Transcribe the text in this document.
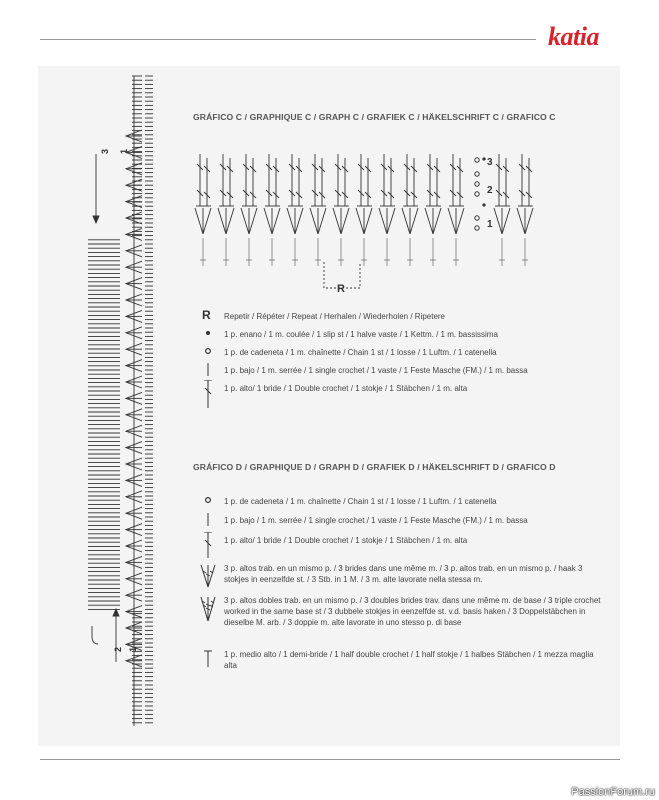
katia
3 1
2 1
GRÁFICO C / GRAPHIQUE C / GRAPH C / GRAFIEK C / HÄKELSCHRIFT C / GRAFICO C
R
3
2
1
R Repetir / Répéter / Repeat / Herhalen / Wiederholen / Ripetere
1 p. enano / 1 m. coulée / 1 slip st / 1 halve vaste / 1 Kettm. / 1 m. bassissima
1 p. de cadeneta / 1 m. chaînette / Chain 1 st / 1 losse / 1 Luftm. / 1 catenella
1 p. bajo / 1 m. serrée / 1 single crochet / 1 vaste / 1 Feste Masche (FM.) / 1 m. bassa
1 p. alto/ 1 bride / 1 Double crochet / 1 stokje / 1 Stäbchen / 1 m. alta
GRÁFICO D / GRAPHIQUE D / GRAPH D / GRAFIEK D / HÄKELSCHRIFT D / GRAFICO D
1 p. de cadeneta / 1 m. chaînette / Chain 1 st / 1 losse / 1 Luftm. / 1 catenella
1 p. bajo / 1 m. serrée / 1 single crochet / 1 vaste / 1 Feste Masche (FM.) / 1 m. bassa
1 p. alto/ 1 bride / 1 Double crochet / 1 stokje / 1 Stäbchen / 1 m. alta
3 p. altos trab. en un mismo p. / 3 brides dans une même m. / 3 p. altos trab. en un mismo p. / haak 3 stokjes in eenzelfde st. / 3 Stb. in 1 M. / 3 m. alte lavorate nella stessa m.
3 p. altos dobles trab. en un mismo p. / 3 doubles brides trav. dans une même m. de base / 3 triple crochet worked in the same base st / 3 dubbele stokjes in eenzelfde st. v.d. basis haken / 3 Doppelstäbchen in dieselbe M. arb. / 3 doppie m. alte lavorate in uno stesso p. di base
1 p. medio alto / 1 demi-bride / 1 half double crochet / 1 half stokje / 1 halbes Stäbchen / 1 mezza maglia alta
PassionForum.ru
